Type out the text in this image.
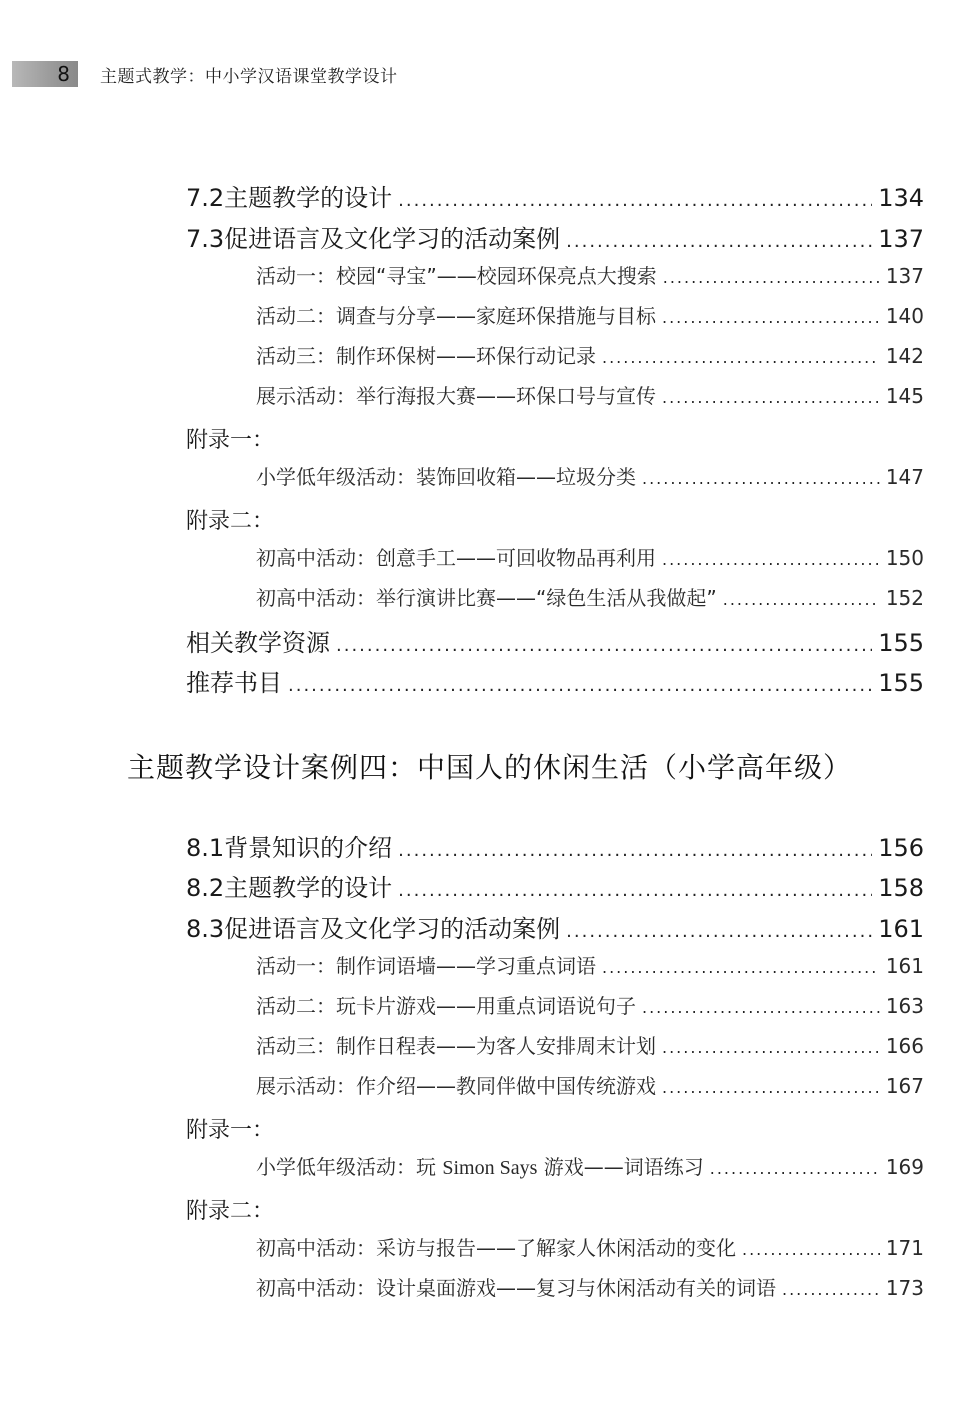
8 主题式教学：中小学汉语课堂教学设计
7.2 主题教学的设计 .....	134
7.3 促进语言及文化学习的活动案例 .....	137
活动一：校园“寻宝”——校园环保亮点大搜索 .....	137
活动二：调查与分享——家庭环保措施与目标 .....	140
活动三：制作环保树——环保行动记录 .....	142
展示活动：举行海报大赛——环保口号与宣传 .....	145
附录一：
小学低年级活动：装饰回收箱——垃圾分类 .....	147
附录二：
初高中活动：创意手工——可回收物品再利用 .....	150
初高中活动：举行演讲比赛——“绿色生活从我做起” .....	152
相关教学资源 .....	155
推荐书目 .....	155
主题教学设计案例四：中国人的休闲生活（小学高年级）
8.1 背景知识的介绍 .....	156
8.2 主题教学的设计 .....	158
8.3 促进语言及文化学习的活动案例 .....	161
活动一：制作词语墙——学习重点词语 .....	161
活动二：玩卡片游戏——用重点词语说句子 .....	163
活动三：制作日程表——为客人安排周末计划 .....	166
展示活动：作介绍——教同伴做中国传统游戏 .....	167
附录一：
小学低年级活动：玩 Simon Says 游戏——词语练习 .....	169
附录二：
初高中活动：采访与报告——了解家人休闲活动的变化 .....	171
初高中活动：设计桌面游戏——复习与休闲活动有关的词语 .....	173
